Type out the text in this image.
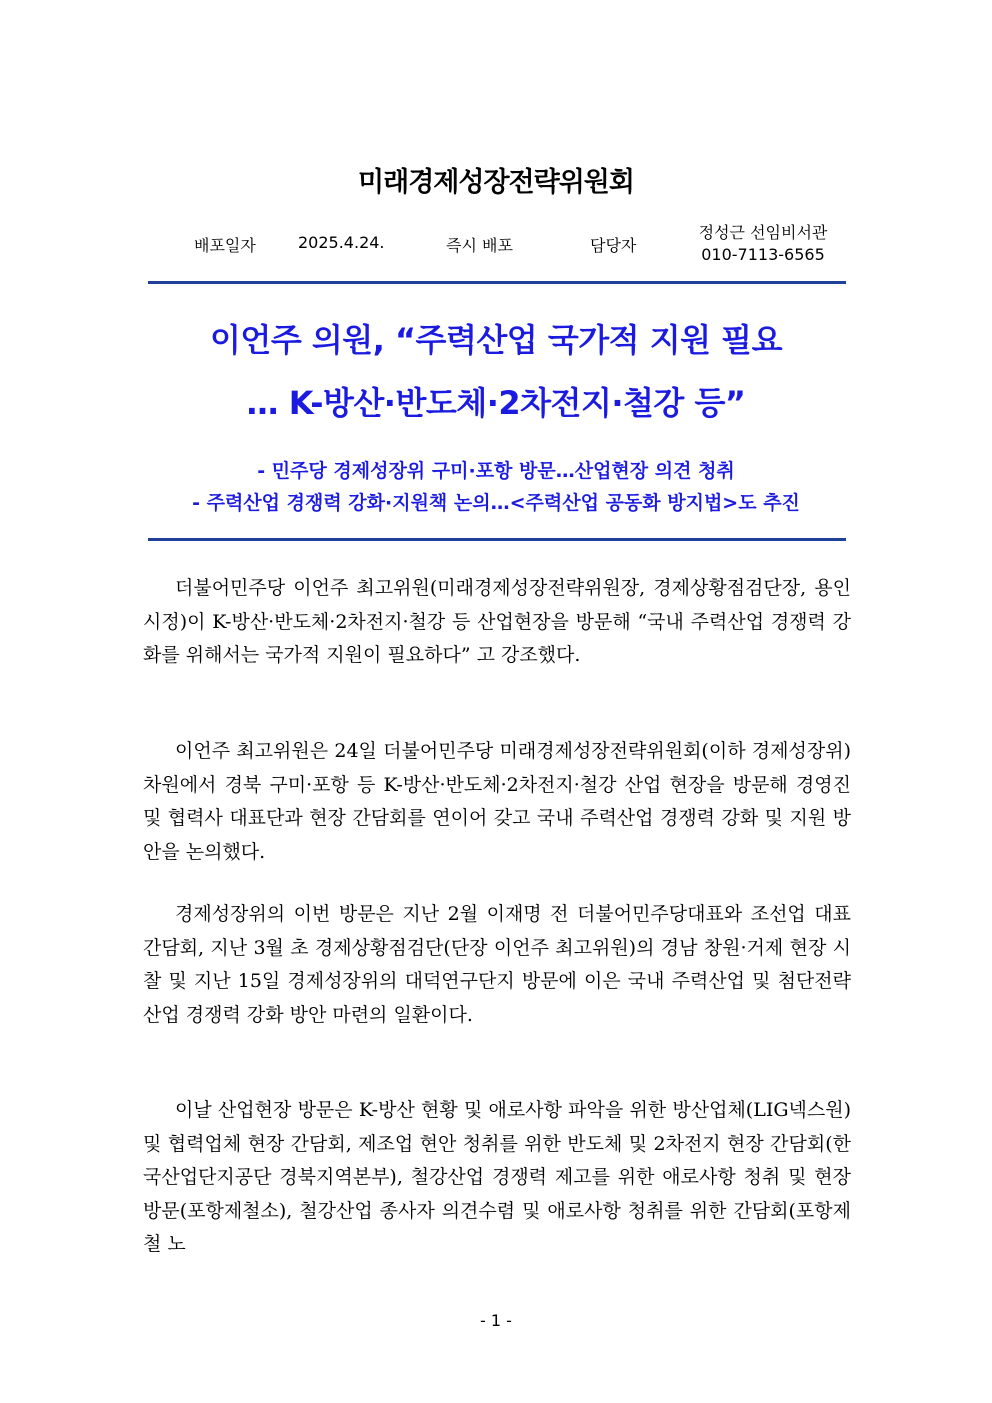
미래경제성장전략위원회
배포일자	2025.4.24.	즉시 배포	담당자
정성근 선임비서관
010-7113-6565
이언주 의원, “주력산업 국가적 지원 필요
… K-방산·반도체·2차전지·철강 등”
- 민주당 경제성장위 구미·포항 방문…산업현장 의견 청취
- 주력산업 경쟁력 강화·지원책 논의…<주력산업 공동화 방지법>도 추진

더불어민주당 이언주 최고위원(미래경제성장전략위원장, 경제상황점검단장, 용인시정)이 K-방산·반도체·2차전지·철강 등 산업현장을 방문해 “국내 주력산업 경쟁력 강화를 위해서는 국가적 지원이 필요하다” 고 강조했다.

이언주 최고위원은 24일 더불어민주당 미래경제성장전략위원회(이하 경제성장위) 차원에서 경북 구미·포항 등 K-방산·반도체·2차전지·철강 산업 현장을 방문해 경영진 및 협력사 대표단과 현장 간담회를 연이어 갖고 국내 주력산업 경쟁력 강화 및 지원 방안을 논의했다.

경제성장위의 이번 방문은 지난 2월 이재명 전 더불어민주당대표와 조선업 대표 간담회, 지난 3월 초 경제상황점검단(단장 이언주 최고위원)의 경남 창원·거제 현장 시찰 및 지난 15일 경제성장위의 대덕연구단지 방문에 이은 국내 주력산업 및 첨단전략산업 경쟁력 강화 방안 마련의 일환이다.

이날 산업현장 방문은 K-방산 현황 및 애로사항 파악을 위한 방산업체(LIG넥스원) 및 협력업체 현장 간담회, 제조업 현안 청취를 위한 반도체 및 2차전지 현장 간담회(한국산업단지공단 경북지역본부), 철강산업 경쟁력 제고를 위한 애로사항 청취 및 현장 방문(포항제철소), 철강산업 종사자 의견수렴 및 애로사항 청취를 위한 간담회(포항제철 노

- 1 -
